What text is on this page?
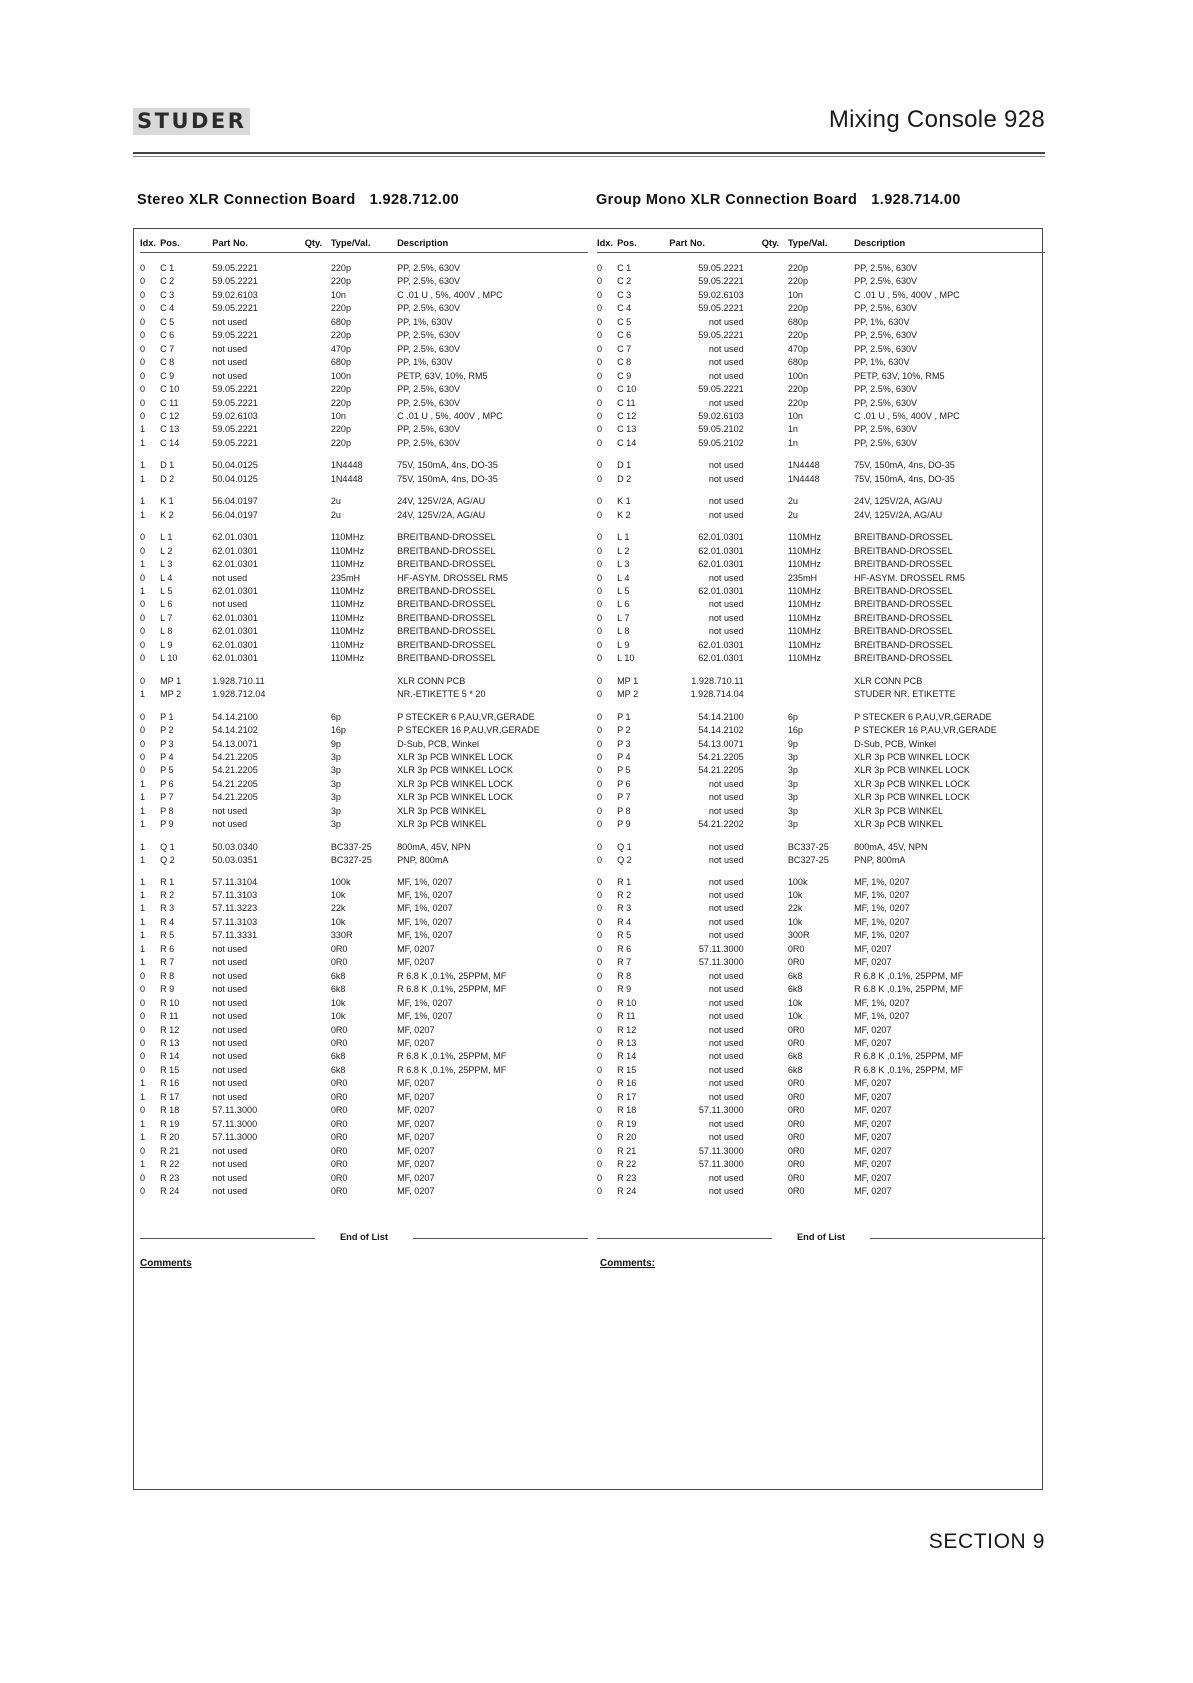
STUDER	Mixing Console 928
Stereo XLR Connection Board 1.928.712.00	Group Mono XLR Connection Board 1.928.714.00
Idx.	Pos.	Part No.	Qty.	Type/Val.	Description

0	C 1	59.05.2221		220p	PP, 2.5%, 630V
0	C 2	59.05.2221		220p	PP, 2.5%, 630V
0	C 3	59.02.6103		10n	C .01 U , 5%, 400V , MPC
0	C 4	59.05.2221		220p	PP, 2.5%, 630V
0	C 5	not used		680p	PP, 1%, 630V
0	C 6	59.05.2221		220p	PP, 2.5%, 630V
0	C 7	not used		470p	PP, 2.5%, 630V
0	C 8	not used		680p	PP, 1%, 630V
0	C 9	not used		100n	PETP, 63V, 10%, RM5
0	C 10	59.05.2221		220p	PP, 2.5%, 630V
0	C 11	59.05.2221		220p	PP, 2.5%, 630V
0	C 12	59.02.6103		10n	C .01 U , 5%, 400V , MPC
1	C 13	59.05.2221		220p	PP, 2.5%, 630V
1	C 14	59.05.2221		220p	PP, 2.5%, 630V

1	D 1	50.04.0125		1N4448	75V, 150mA, 4ns, DO-35
1	D 2	50.04.0125		1N4448	75V, 150mA, 4ns, DO-35

1	K 1	56.04.0197		2u	24V, 125V/2A, AG/AU
1	K 2	56.04.0197		2u	24V, 125V/2A, AG/AU

0	L 1	62.01.0301		110MHz	BREITBAND-DROSSEL
0	L 2	62.01.0301		110MHz	BREITBAND-DROSSEL
1	L 3	62.01.0301		110MHz	BREITBAND-DROSSEL
0	L 4	not used		235mH	HF-ASYM. DROSSEL RM5
1	L 5	62.01.0301		110MHz	BREITBAND-DROSSEL
0	L 6	not used		110MHz	BREITBAND-DROSSEL
0	L 7	62.01.0301		110MHz	BREITBAND-DROSSEL
0	L 8	62.01.0301		110MHz	BREITBAND-DROSSEL
0	L 9	62.01.0301		110MHz	BREITBAND-DROSSEL
0	L 10	62.01.0301		110MHz	BREITBAND-DROSSEL

0	MP 1	1.928.710.11			XLR CONN PCB
1	MP 2	1.928.712.04			NR.-ETIKETTE 5 * 20

0	P 1	54.14.2100		6p	P STECKER 6 P,AU,VR,GERADE
0	P 2	54.14.2102		16p	P STECKER 16 P,AU,VR,GERADE
0	P 3	54.13.0071		9p	D-Sub, PCB, Winkel
0	P 4	54.21.2205		3p	XLR 3p PCB WINKEL LOCK
0	P 5	54.21.2205		3p	XLR 3p PCB WINKEL LOCK
1	P 6	54.21.2205		3p	XLR 3p PCB WINKEL LOCK
1	P 7	54.21.2205		3p	XLR 3p PCB WINKEL LOCK
1	P 8	not used		3p	XLR 3p PCB WINKEL
1	P 9	not used		3p	XLR 3p PCB WINKEL

1	Q 1	50.03.0340		BC337-25	800mA, 45V, NPN
1	Q 2	50.03.0351		BC327-25	PNP, 800mA

1	R 1	57.11.3104		100k	MF, 1%, 0207
1	R 2	57.11.3103		10k	MF, 1%, 0207
1	R 3	57.11.3223		22k	MF, 1%, 0207
1	R 4	57.11.3103		10k	MF, 1%, 0207
1	R 5	57.11.3331		330R	MF, 1%, 0207
1	R 6	not used		0R0	MF, 0207
1	R 7	not used		0R0	MF, 0207
0	R 8	not used		6k8	R 6.8 K ,0.1%, 25PPM, MF
0	R 9	not used		6k8	R 6.8 K ,0.1%, 25PPM, MF
0	R 10	not used		10k	MF, 1%, 0207
0	R 11	not used		10k	MF, 1%, 0207
0	R 12	not used		0R0	MF, 0207
0	R 13	not used		0R0	MF, 0207
0	R 14	not used		6k8	R 6.8 K ,0.1%, 25PPM, MF
0	R 15	not used		6k8	R 6.8 K ,0.1%, 25PPM, MF
1	R 16	not used		0R0	MF, 0207
1	R 17	not used		0R0	MF, 0207
0	R 18	57.11.3000		0R0	MF, 0207
1	R 19	57.11.3000		0R0	MF, 0207
1	R 20	57.11.3000		0R0	MF, 0207
0	R 21	not used		0R0	MF, 0207
1	R 22	not used		0R0	MF, 0207
0	R 23	not used		0R0	MF, 0207
0	R 24	not used		0R0	MF, 0207
Idx.	Pos.	Part No.	Qty.	Type/Val.	Description

0	C 1	59.05.2221		220p	PP, 2.5%, 630V
0	C 2	59.05.2221		220p	PP, 2.5%, 630V
0	C 3	59.02.6103		10n	C .01 U , 5%, 400V , MPC
0	C 4	59.05.2221		220p	PP, 2.5%, 630V
0	C 5	not used		680p	PP, 1%, 630V
0	C 6	59.05.2221		220p	PP, 2.5%, 630V
0	C 7	not used		470p	PP, 2.5%, 630V
0	C 8	not used		680p	PP, 1%, 630V
0	C 9	not used		100n	PETP, 63V, 10%, RM5
0	C 10	59.05.2221		220p	PP, 2.5%, 630V
0	C 11	not used		220p	PP, 2.5%, 630V
0	C 12	59.02.6103		10n	C .01 U , 5%, 400V , MPC
0	C 13	59.05.2102		1n	PP, 2.5%, 630V
0	C 14	59.05.2102		1n	PP, 2.5%, 630V

0	D 1	not used		1N4448	75V, 150mA, 4ns, DO-35
0	D 2	not used		1N4448	75V, 150mA, 4ns, DO-35

0	K 1	not used		2u	24V, 125V/2A, AG/AU
0	K 2	not used		2u	24V, 125V/2A, AG/AU

0	L 1	62.01.0301		110MHz	BREITBAND-DROSSEL
0	L 2	62.01.0301		110MHz	BREITBAND-DROSSEL
0	L 3	62.01.0301		110MHz	BREITBAND-DROSSEL
0	L 4	not used		235mH	HF-ASYM. DROSSEL RM5
0	L 5	62.01.0301		110MHz	BREITBAND-DROSSEL
0	L 6	not used		110MHz	BREITBAND-DROSSEL
0	L 7	not used		110MHz	BREITBAND-DROSSEL
0	L 8	not used		110MHz	BREITBAND-DROSSEL
0	L 9	62.01.0301		110MHz	BREITBAND-DROSSEL
0	L 10	62.01.0301		110MHz	BREITBAND-DROSSEL

0	MP 1	1.928.710.11			XLR CONN PCB
0	MP 2	1.928.714.04			STUDER NR. ETIKETTE

0	P 1	54.14.2100		6p	P STECKER 6 P,AU,VR,GERADE
0	P 2	54.14.2102		16p	P STECKER 16 P,AU,VR,GERADE
0	P 3	54.13.0071		9p	D-Sub, PCB, Winkel
0	P 4	54.21.2205		3p	XLR 3p PCB WINKEL LOCK
0	P 5	54.21.2205		3p	XLR 3p PCB WINKEL LOCK
0	P 6	not used		3p	XLR 3p PCB WINKEL LOCK
0	P 7	not used		3p	XLR 3p PCB WINKEL LOCK
0	P 8	not used		3p	XLR 3p PCB WINKEL
0	P 9	54.21.2202		3p	XLR 3p PCB WINKEL

0	Q 1	not used		BC337-25	800mA, 45V, NPN
0	Q 2	not used		BC327-25	PNP, 800mA

0	R 1	not used		100k	MF, 1%, 0207
0	R 2	not used		10k	MF, 1%, 0207
0	R 3	not used		22k	MF, 1%, 0207
0	R 4	not used		10k	MF, 1%, 0207
0	R 5	not used		300R	MF, 1%, 0207
0	R 6	57.11.3000		0R0	MF, 0207
0	R 7	57.11.3000		0R0	MF, 0207
0	R 8	not used		6k8	R 6.8 K ,0.1%, 25PPM, MF
0	R 9	not used		6k8	R 6.8 K ,0.1%, 25PPM, MF
0	R 10	not used		10k	MF, 1%, 0207
0	R 11	not used		10k	MF, 1%, 0207
0	R 12	not used		0R0	MF, 0207
0	R 13	not used		0R0	MF, 0207
0	R 14	not used		6k8	R 6.8 K ,0.1%, 25PPM, MF
0	R 15	not used		6k8	R 6.8 K ,0.1%, 25PPM, MF
0	R 16	not used		0R0	MF, 0207
0	R 17	not used		0R0	MF, 0207
0	R 18	57.11.3000		0R0	MF, 0207
0	R 19	not used		0R0	MF, 0207
0	R 20	not used		0R0	MF, 0207
0	R 21	57.11.3000		0R0	MF, 0207
0	R 22	57.11.3000		0R0	MF, 0207
0	R 23	not used		0R0	MF, 0207
0	R 24	not used		0R0	MF, 0207
End of List	End of List
Comments	Comments:
SECTION 9
